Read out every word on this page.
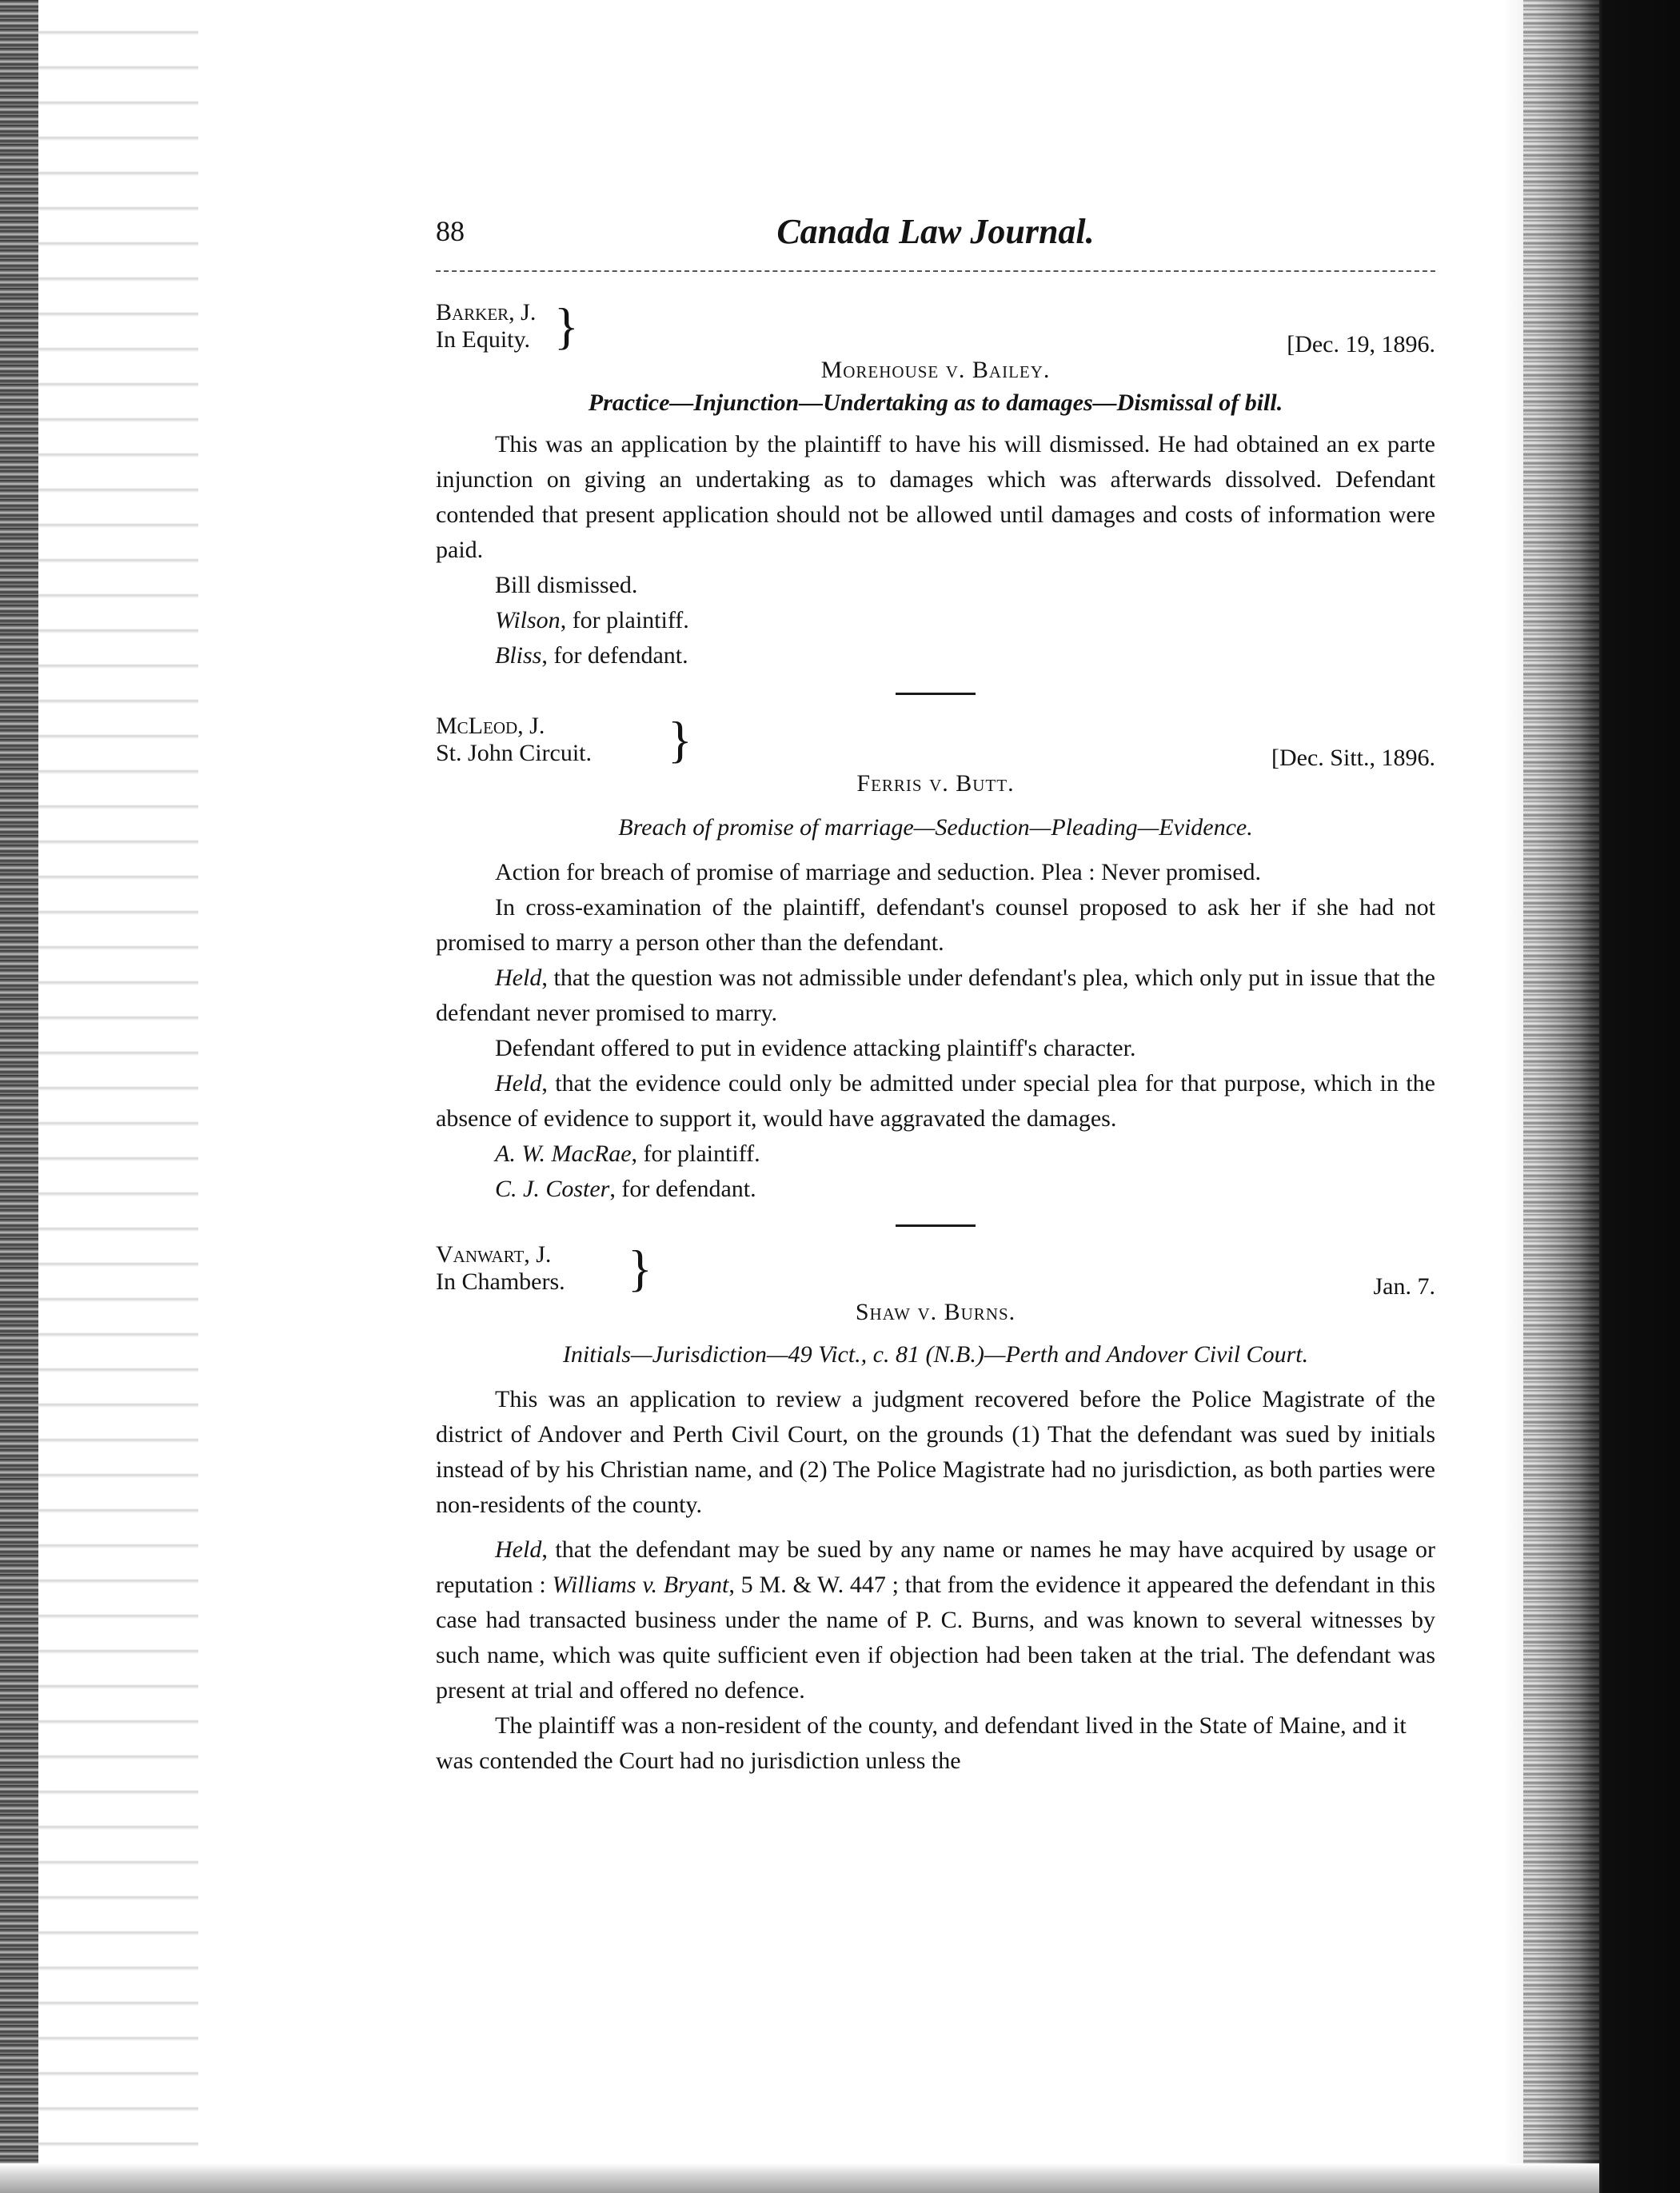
88	Canada Law Journal.
Barker, J.
In Equity. }	[Dec. 19, 1896.
Morehouse v. Bailey.

Practice—Injunction—Undertaking as to damages—Dismissal of bill.

This was an application by the plaintiff to have his will dismissed. He had obtained an ex parte injunction on giving an undertaking as to damages which was afterwards dissolved. Defendant contended that present application should not be allowed until damages and costs of information were paid.

Bill dismissed.

Wilson, for plaintiff.

Bliss, for defendant.

McLeod, J.
St. John Circuit. }	[Dec. Sitt., 1896.
Ferris v. Butt.

Breach of promise of marriage—Seduction—Pleading—Evidence.

Action for breach of promise of marriage and seduction. Plea : Never promised.

In cross-examination of the plaintiff, defendant's counsel proposed to ask her if she had not promised to marry a person other than the defendant.

Held, that the question was not admissible under defendant's plea, which only put in issue that the defendant never promised to marry.

Defendant offered to put in evidence attacking plaintiff's character.

Held, that the evidence could only be admitted under special plea for that purpose, which in the absence of evidence to support it, would have aggravated the damages.

A. W. MacRae, for plaintiff.

C. J. Coster, for defendant.

Vanwart, J.
In Chambers. }	Jan. 7.
Shaw v. Burns.

Initials—Jurisdiction—49 Vict., c. 81 (N.B.)—Perth and Andover Civil Court.

This was an application to review a judgment recovered before the Police Magistrate of the district of Andover and Perth Civil Court, on the grounds (1) That the defendant was sued by initials instead of by his Christian name, and (2) The Police Magistrate had no jurisdiction, as both parties were non-residents of the county.

Held, that the defendant may be sued by any name or names he may have acquired by usage or reputation : Williams v. Bryant, 5 M. & W. 447 ; that from the evidence it appeared the defendant in this case had transacted business under the name of P. C. Burns, and was known to several witnesses by such name, which was quite sufficient even if objection had been taken at the trial. The defendant was present at trial and offered no defence.

The plaintiff was a non-resident of the county, and defendant lived in the State of Maine, and it was contended the Court had no jurisdiction unless the
